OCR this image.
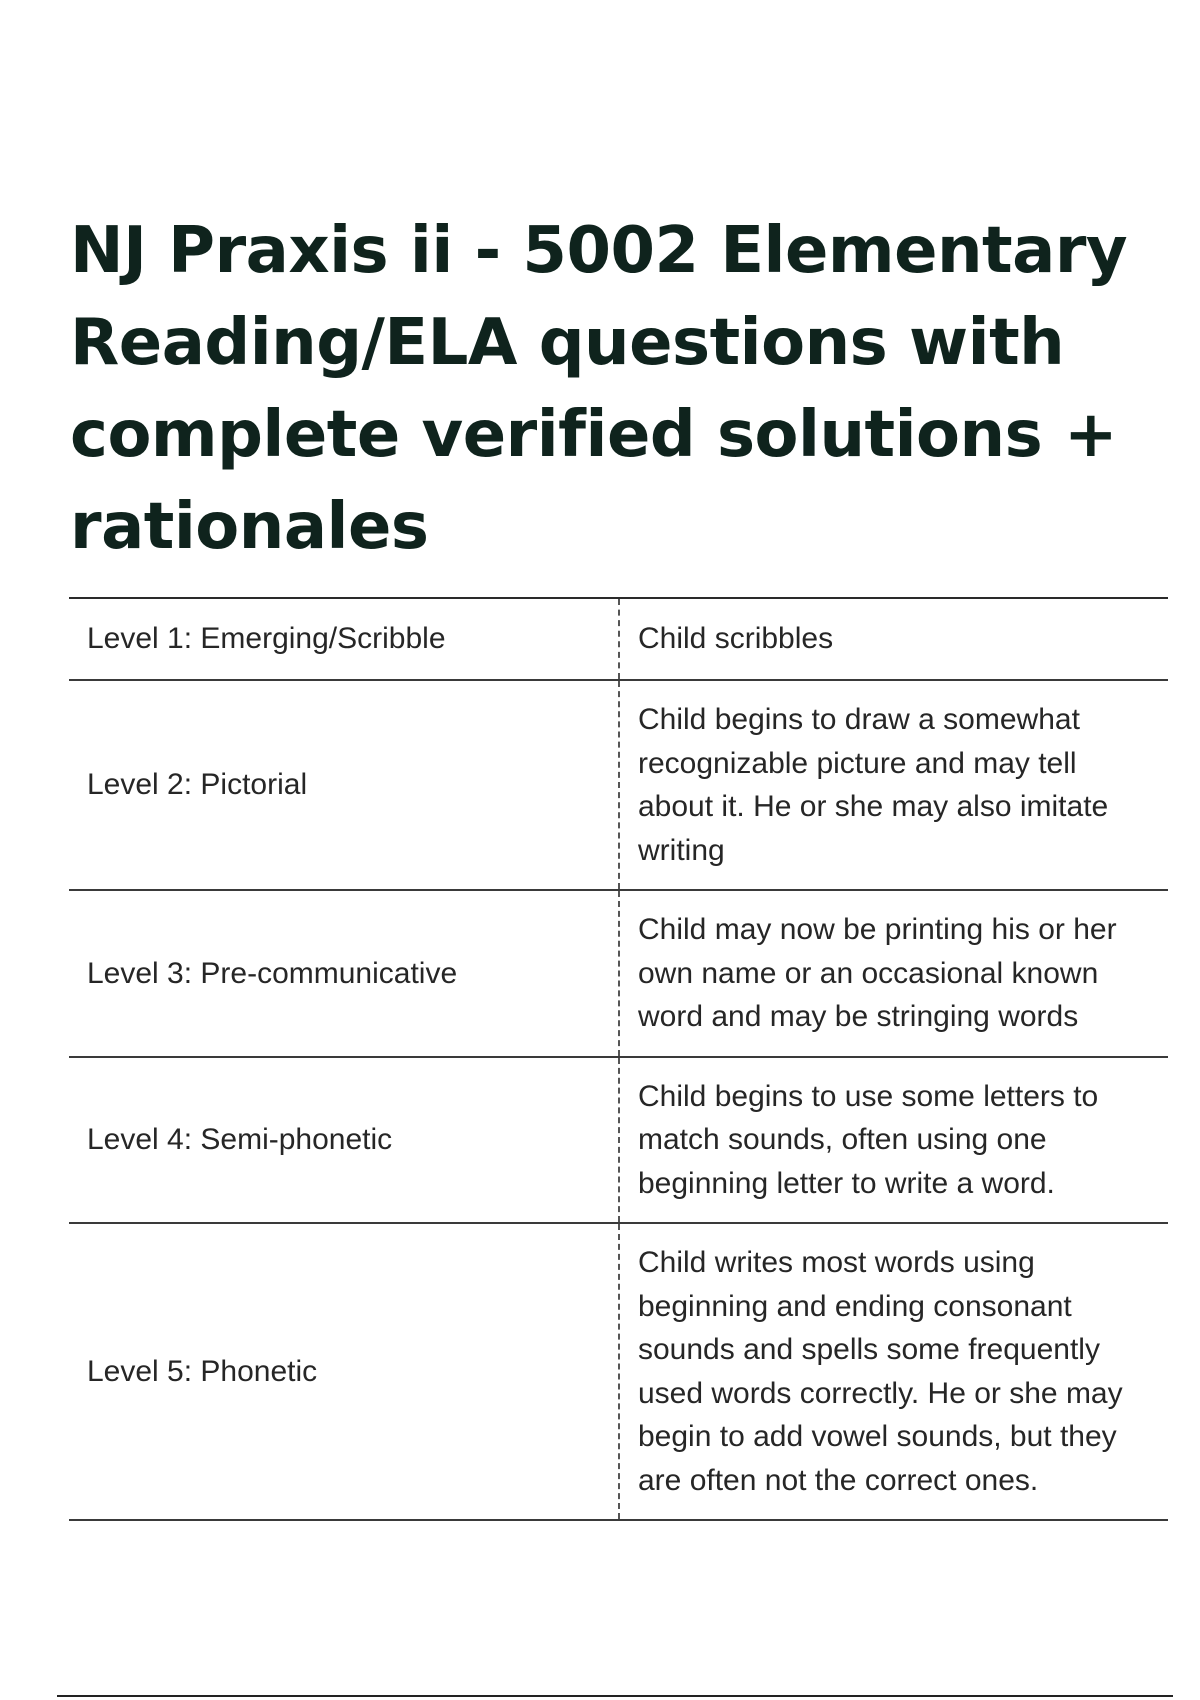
NJ Praxis ii - 5002 Elementary Reading/ELA questions with complete verified solutions + rationales
Level 1: Emerging/Scribble	Child scribbles
Level 2: Pictorial	Child begins to draw a somewhat recognizable picture and may tell about it. He or she may also imitate writing
Level 3: Pre-communicative	Child may now be printing his or her own name or an occasional known word and may be stringing words
Level 4: Semi-phonetic	Child begins to use some letters to match sounds, often using one beginning letter to write a word.
Level 5: Phonetic	Child writes most words using beginning and ending consonant sounds and spells some frequently used words correctly. He or she may begin to add vowel sounds, but they are often not the correct ones.
